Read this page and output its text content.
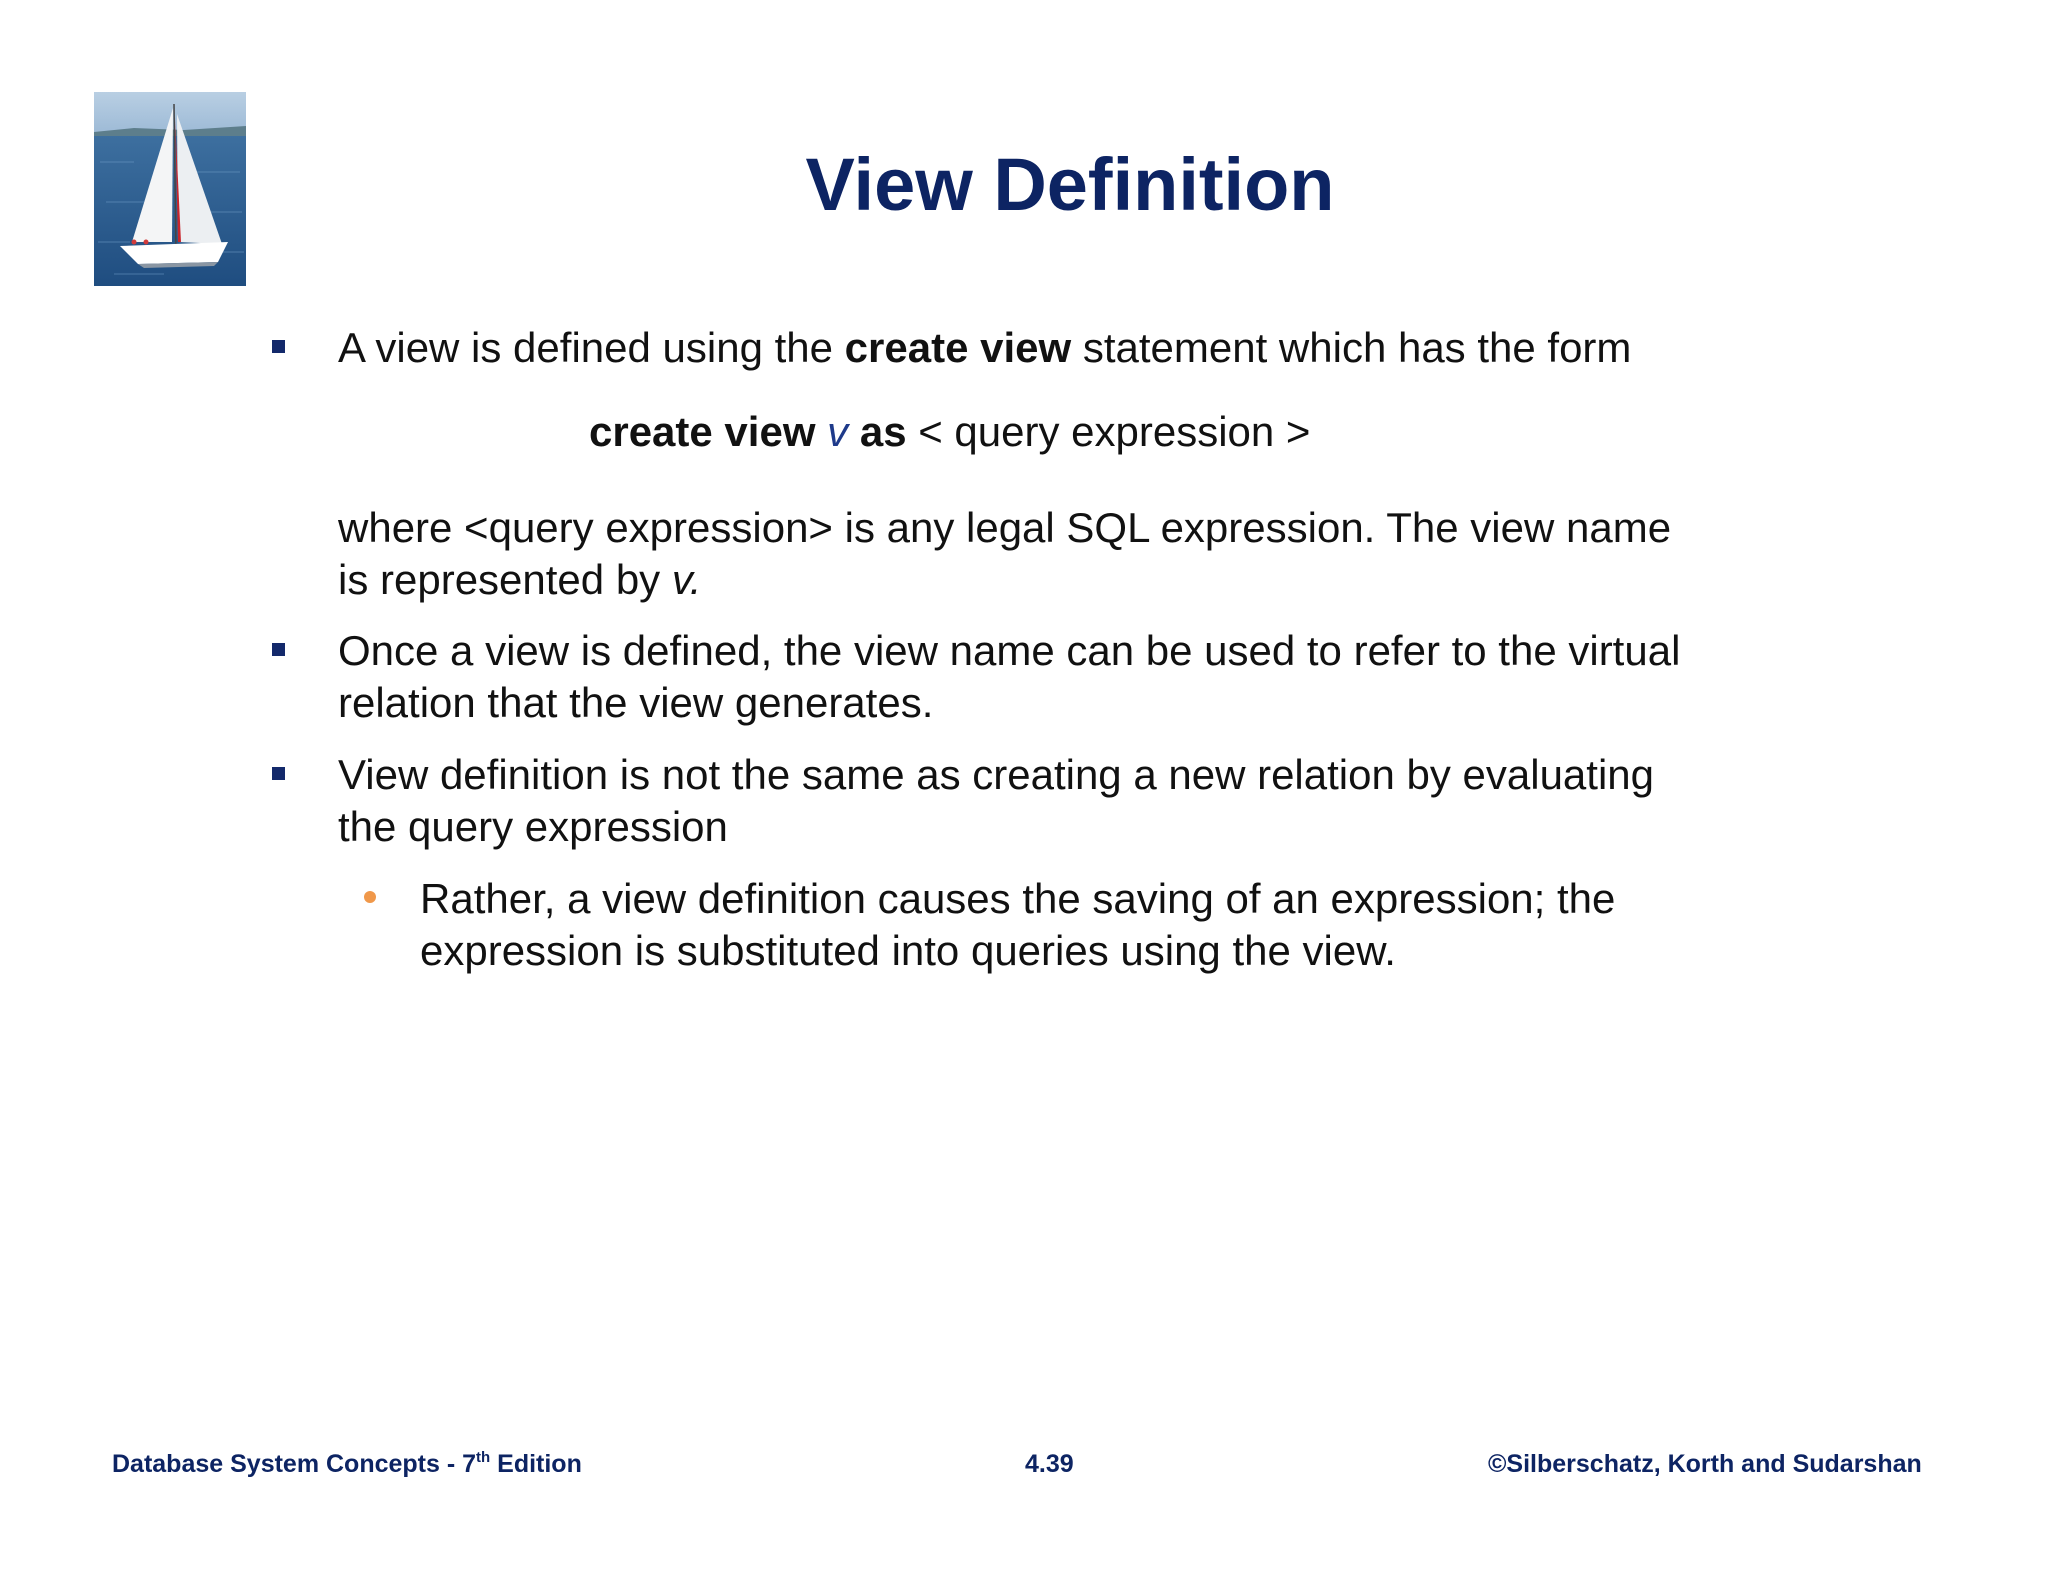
View Definition
A view is defined using the create view statement which has the form
create view v as < query expression >
where <query expression> is any legal SQL expression. The view name
is represented by v.
Once a view is defined, the view name can be used to refer to the virtual
relation that the view generates.
View definition is not the same as creating a new relation by evaluating
the query expression
Rather, a view definition causes the saving of an expression; the
expression is substituted into queries using the view.
Database System Concepts - 7th Edition	4.39	©Silberschatz, Korth and Sudarshan
